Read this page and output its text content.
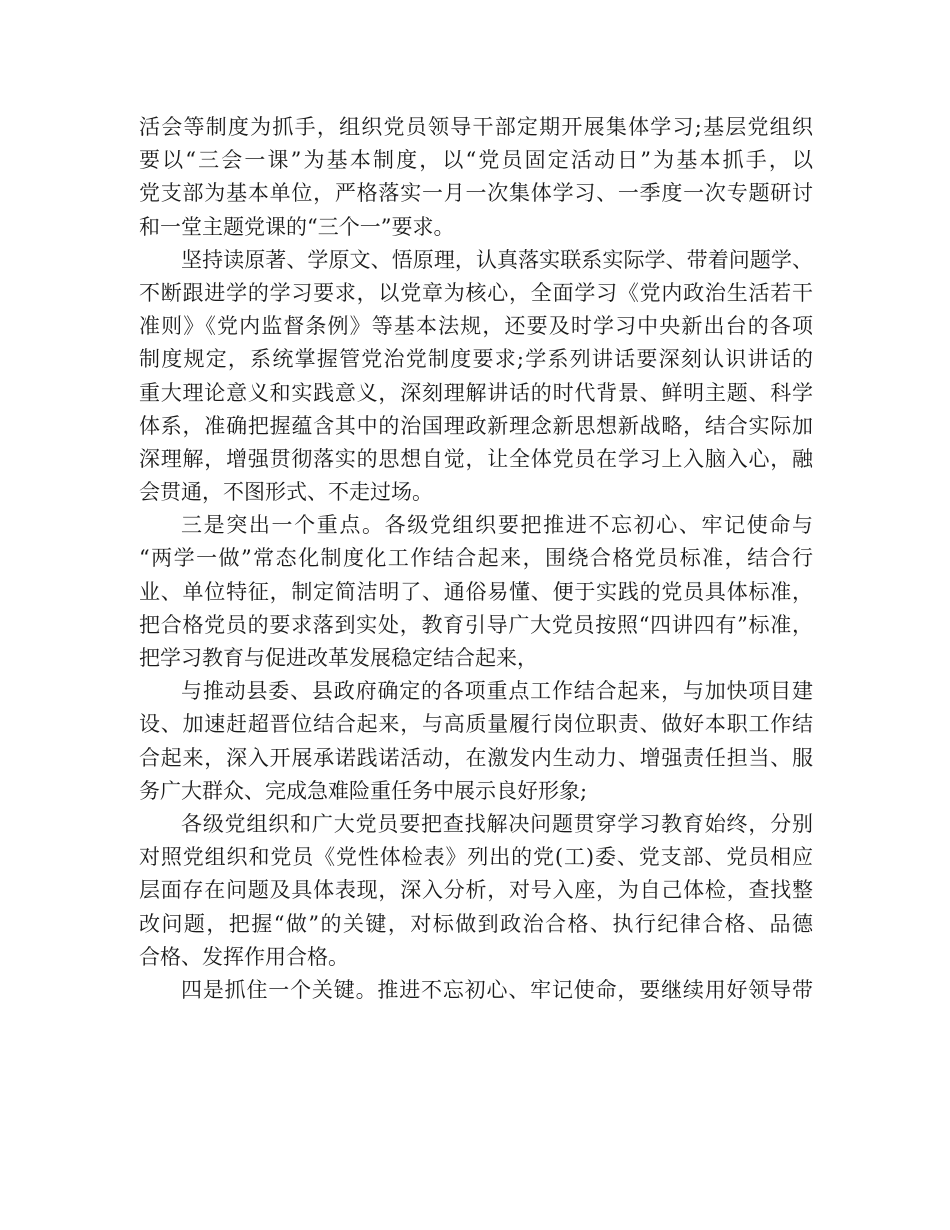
活会等制度为抓手，组织党员领导干部定期开展集体学习;基层党组织
要以“三会一课”为基本制度，以“党员固定活动日”为基本抓手，以
党支部为基本单位，严格落实一月一次集体学习、一季度一次专题研讨
和一堂主题党课的“三个一”要求。
坚持读原著、学原文、悟原理，认真落实联系实际学、带着问题学、
不断跟进学的学习要求，以党章为核心，全面学习《党内政治生活若干
准则》《党内监督条例》等基本法规，还要及时学习中央新出台的各项
制度规定，系统掌握管党治党制度要求;学系列讲话要深刻认识讲话的
重大理论意义和实践意义，深刻理解讲话的时代背景、鲜明主题、科学
体系，准确把握蕴含其中的治国理政新理念新思想新战略，结合实际加
深理解，增强贯彻落实的思想自觉，让全体党员在学习上入脑入心，融
会贯通，不图形式、不走过场。
三是突出一个重点。各级党组织要把推进不忘初心、牢记使命与
“两学一做”常态化制度化工作结合起来，围绕合格党员标准，结合行
业、单位特征，制定简洁明了、通俗易懂、便于实践的党员具体标准，
把合格党员的要求落到实处，教育引导广大党员按照“四讲四有”标准，
把学习教育与促进改革发展稳定结合起来，
与推动县委、县政府确定的各项重点工作结合起来，与加快项目建
设、加速赶超晋位结合起来，与高质量履行岗位职责、做好本职工作结
合起来，深入开展承诺践诺活动，在激发内生动力、增强责任担当、服
务广大群众、完成急难险重任务中展示良好形象;
各级党组织和广大党员要把查找解决问题贯穿学习教育始终，分别
对照党组织和党员《党性体检表》列出的党(工)委、党支部、党员相应
层面存在问题及具体表现，深入分析，对号入座，为自己体检，查找整
改问题，把握“做”的关键，对标做到政治合格、执行纪律合格、品德
合格、发挥作用合格。
四是抓住一个关键。推进不忘初心、牢记使命，要继续用好领导带
